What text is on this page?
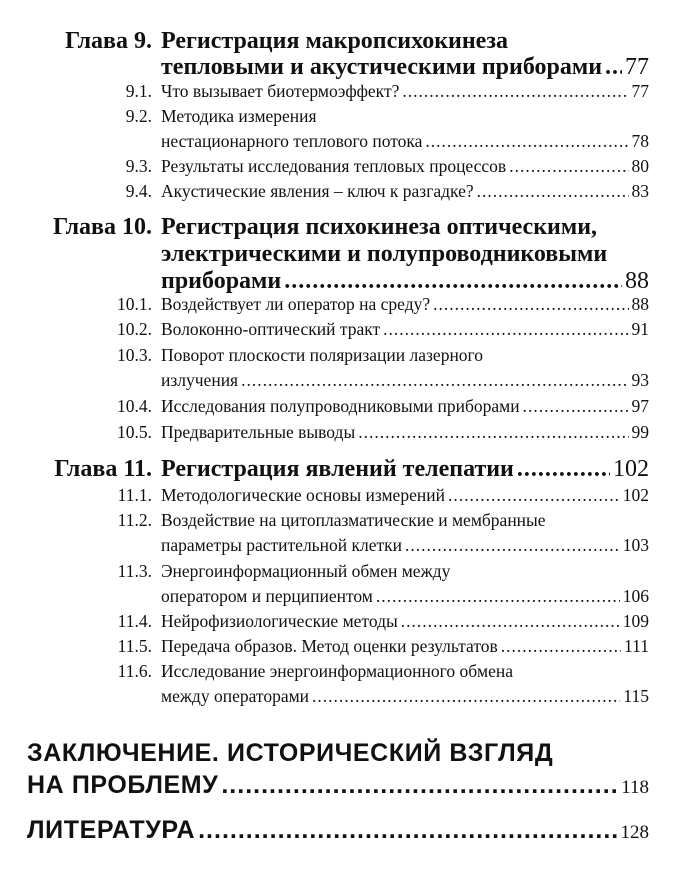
Глава 9. Регистрация макропсихокинеза
тепловыми и акустическими приборами ..... 77
9.1. Что вызывает биотермоэффект? .....	77
9.2. Методика измерения
нестационарного теплового потока .....	78
9.3. Результаты исследования тепловых процессов .....	80
9.4. Акустические явления – ключ к разгадке? .....	83
Глава 10. Регистрация психокинеза оптическими,
электрическими и полупроводниковыми
приборами .....	88
10.1. Воздействует ли оператор на среду? .....	88
10.2. Волоконно-оптический тракт .....	91
10.3. Поворот плоскости поляризации лазерного
излучения .....	93
10.4. Исследования полупроводниковыми приборами .....	97
10.5. Предварительные выводы .....	99
Глава 11. Регистрация явлений телепатии .....	102
11.1. Методологические основы измерений .....	102
11.2. Воздействие на цитоплазматические и мембранные
параметры растительной клетки .....	103
11.3. Энергоинформационный обмен между
оператором и перципиентом .....	106
11.4. Нейрофизиологические методы .....	109
11.5. Передача образов. Метод оценки результатов .....	111
11.6. Исследование энергоинформационного обмена
между операторами .....	115
ЗАКЛЮЧЕНИЕ. ИСТОРИЧЕСКИЙ ВЗГЛЯД
НА ПРОБЛЕМУ .....	118
ЛИТЕРАТУРА .....	128
